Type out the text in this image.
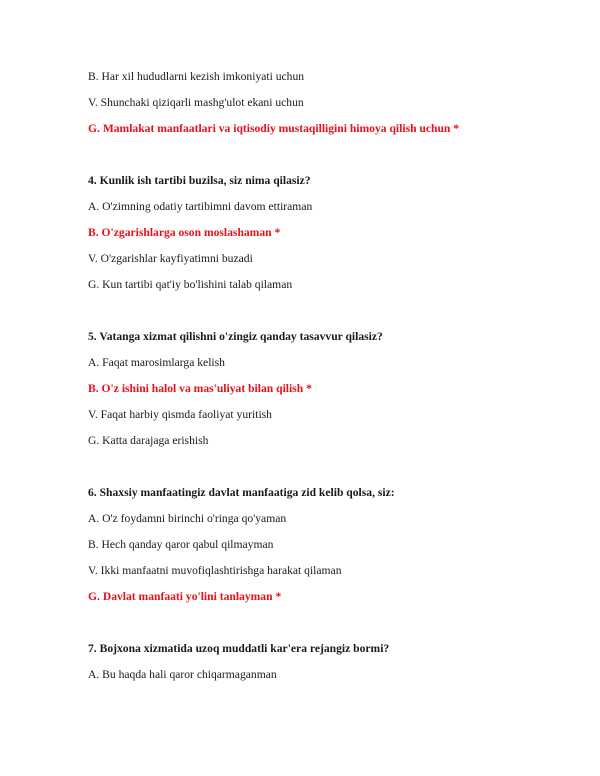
B. Har xil hududlarni kezish imkoniyati uchun
V. Shunchaki qiziqarli mashg'ulot ekani uchun
G. Mamlakat manfaatlari va iqtisodiy mustaqilligini himoya qilish uchun *
4. Kunlik ish tartibi buzilsa, siz nima qilasiz?
A. O'zimning odatiy tartibimni davom ettiraman
B. O'zgarishlarga oson moslashaman *
V. O'zgarishlar kayfiyatimni buzadi
G. Kun tartibi qat'iy bo'lishini talab qilaman
5. Vatanga xizmat qilishni o'zingiz qanday tasavvur qilasiz?
A. Faqat marosimlarga kelish
B. O'z ishini halol va mas'uliyat bilan qilish *
V. Faqat harbiy qismda faoliyat yuritish
G. Katta darajaga erishish
6. Shaxsiy manfaatingiz davlat manfaatiga zid kelib qolsa, siz:
A. O'z foydamni birinchi o'ringa qo'yaman
B. Hech qanday qaror qabul qilmayman
V. Ikki manfaatni muvofiqlashtirishga harakat qilaman
G. Davlat manfaati yo'lini tanlayman *
7. Bojxona xizmatida uzoq muddatli kar'era rejangiz bormi?
A. Bu haqda hali qaror chiqarmaganman
